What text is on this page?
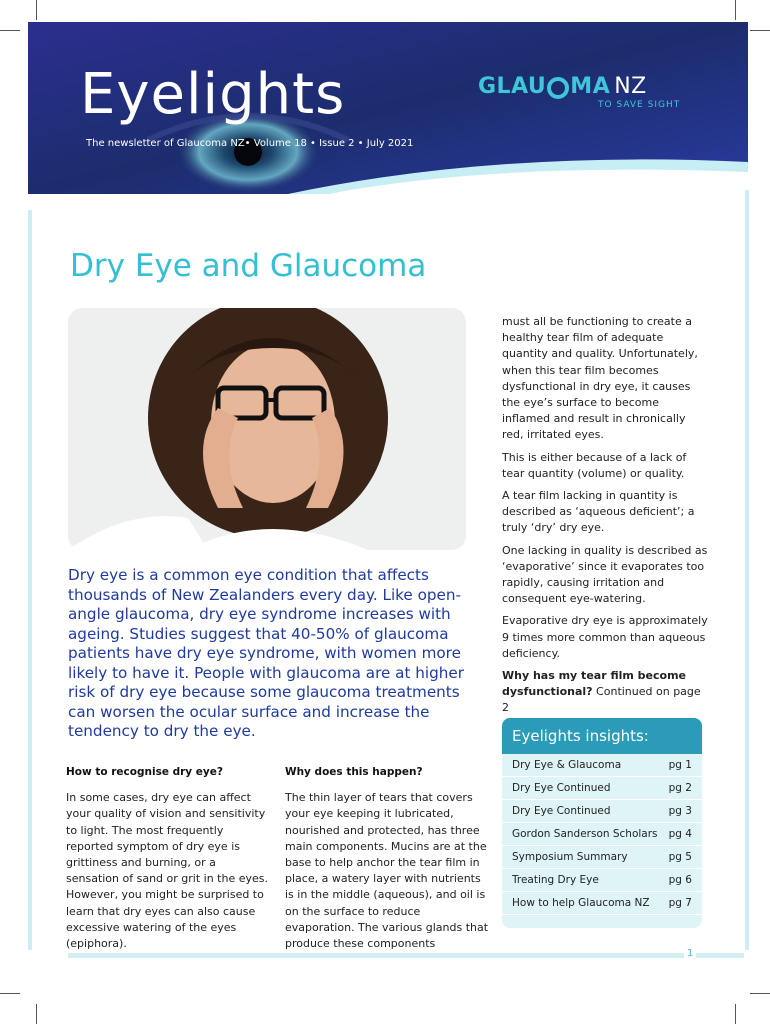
Eyelights
The newsletter of Glaucoma NZ• Volume 18 • Issue 2 • July 2021
GLAU MA NZ
TO SAVE SIGHT
Dry Eye and Glaucoma
Dry eye is a common eye condition that affects thousands of New Zealanders every day. Like open-angle glaucoma, dry eye syndrome increases with ageing. Studies suggest that 40-50% of glaucoma patients have dry eye syndrome, with women more likely to have it. People with glaucoma are at higher risk of dry eye because some glaucoma treatments can worsen the ocular surface and increase the tendency to dry the eye.
How to recognise dry eye?

In some cases, dry eye can affect your quality of vision and sensitivity to light. The most frequently reported symptom of dry eye is grittiness and burning, or a sensation of sand or grit in the eyes. However, you might be surprised to learn that dry eyes can also cause excessive watering of the eyes (epiphora).

Why does this happen?

The thin layer of tears that covers your eye keeping it lubricated, nourished and protected, has three main components. Mucins are at the base to help anchor the tear film in place, a watery layer with nutrients is in the middle (aqueous), and oil is on the surface to reduce evaporation. The various glands that produce these components

must all be functioning to create a healthy tear film of adequate quantity and quality. Unfortunately, when this tear film becomes dysfunctional in dry eye, it causes the eye’s surface to become inflamed and result in chronically red, irritated eyes.

This is either because of a lack of tear quantity (volume) or quality.

A tear film lacking in quantity is described as ‘aqueous deficient’; a truly ‘dry’ dry eye.

One lacking in quality is described as ‘evaporative’ since it evaporates too rapidly, causing irritation and consequent eye-watering.

Evaporative dry eye is approximately 9 times more common than aqueous deficiency.

Why has my tear film become dysfunctional? Continued on page 2

Eyelights insights:
Dry Eye & Glaucoma	pg 1
Dry Eye Continued	pg 2
Dry Eye Continued	pg 3
Gordon Sanderson Scholars pg 4
Symposium Summary	pg 5
Treating Dry Eye	pg 6
How to help Glaucoma NZ pg 7
1
